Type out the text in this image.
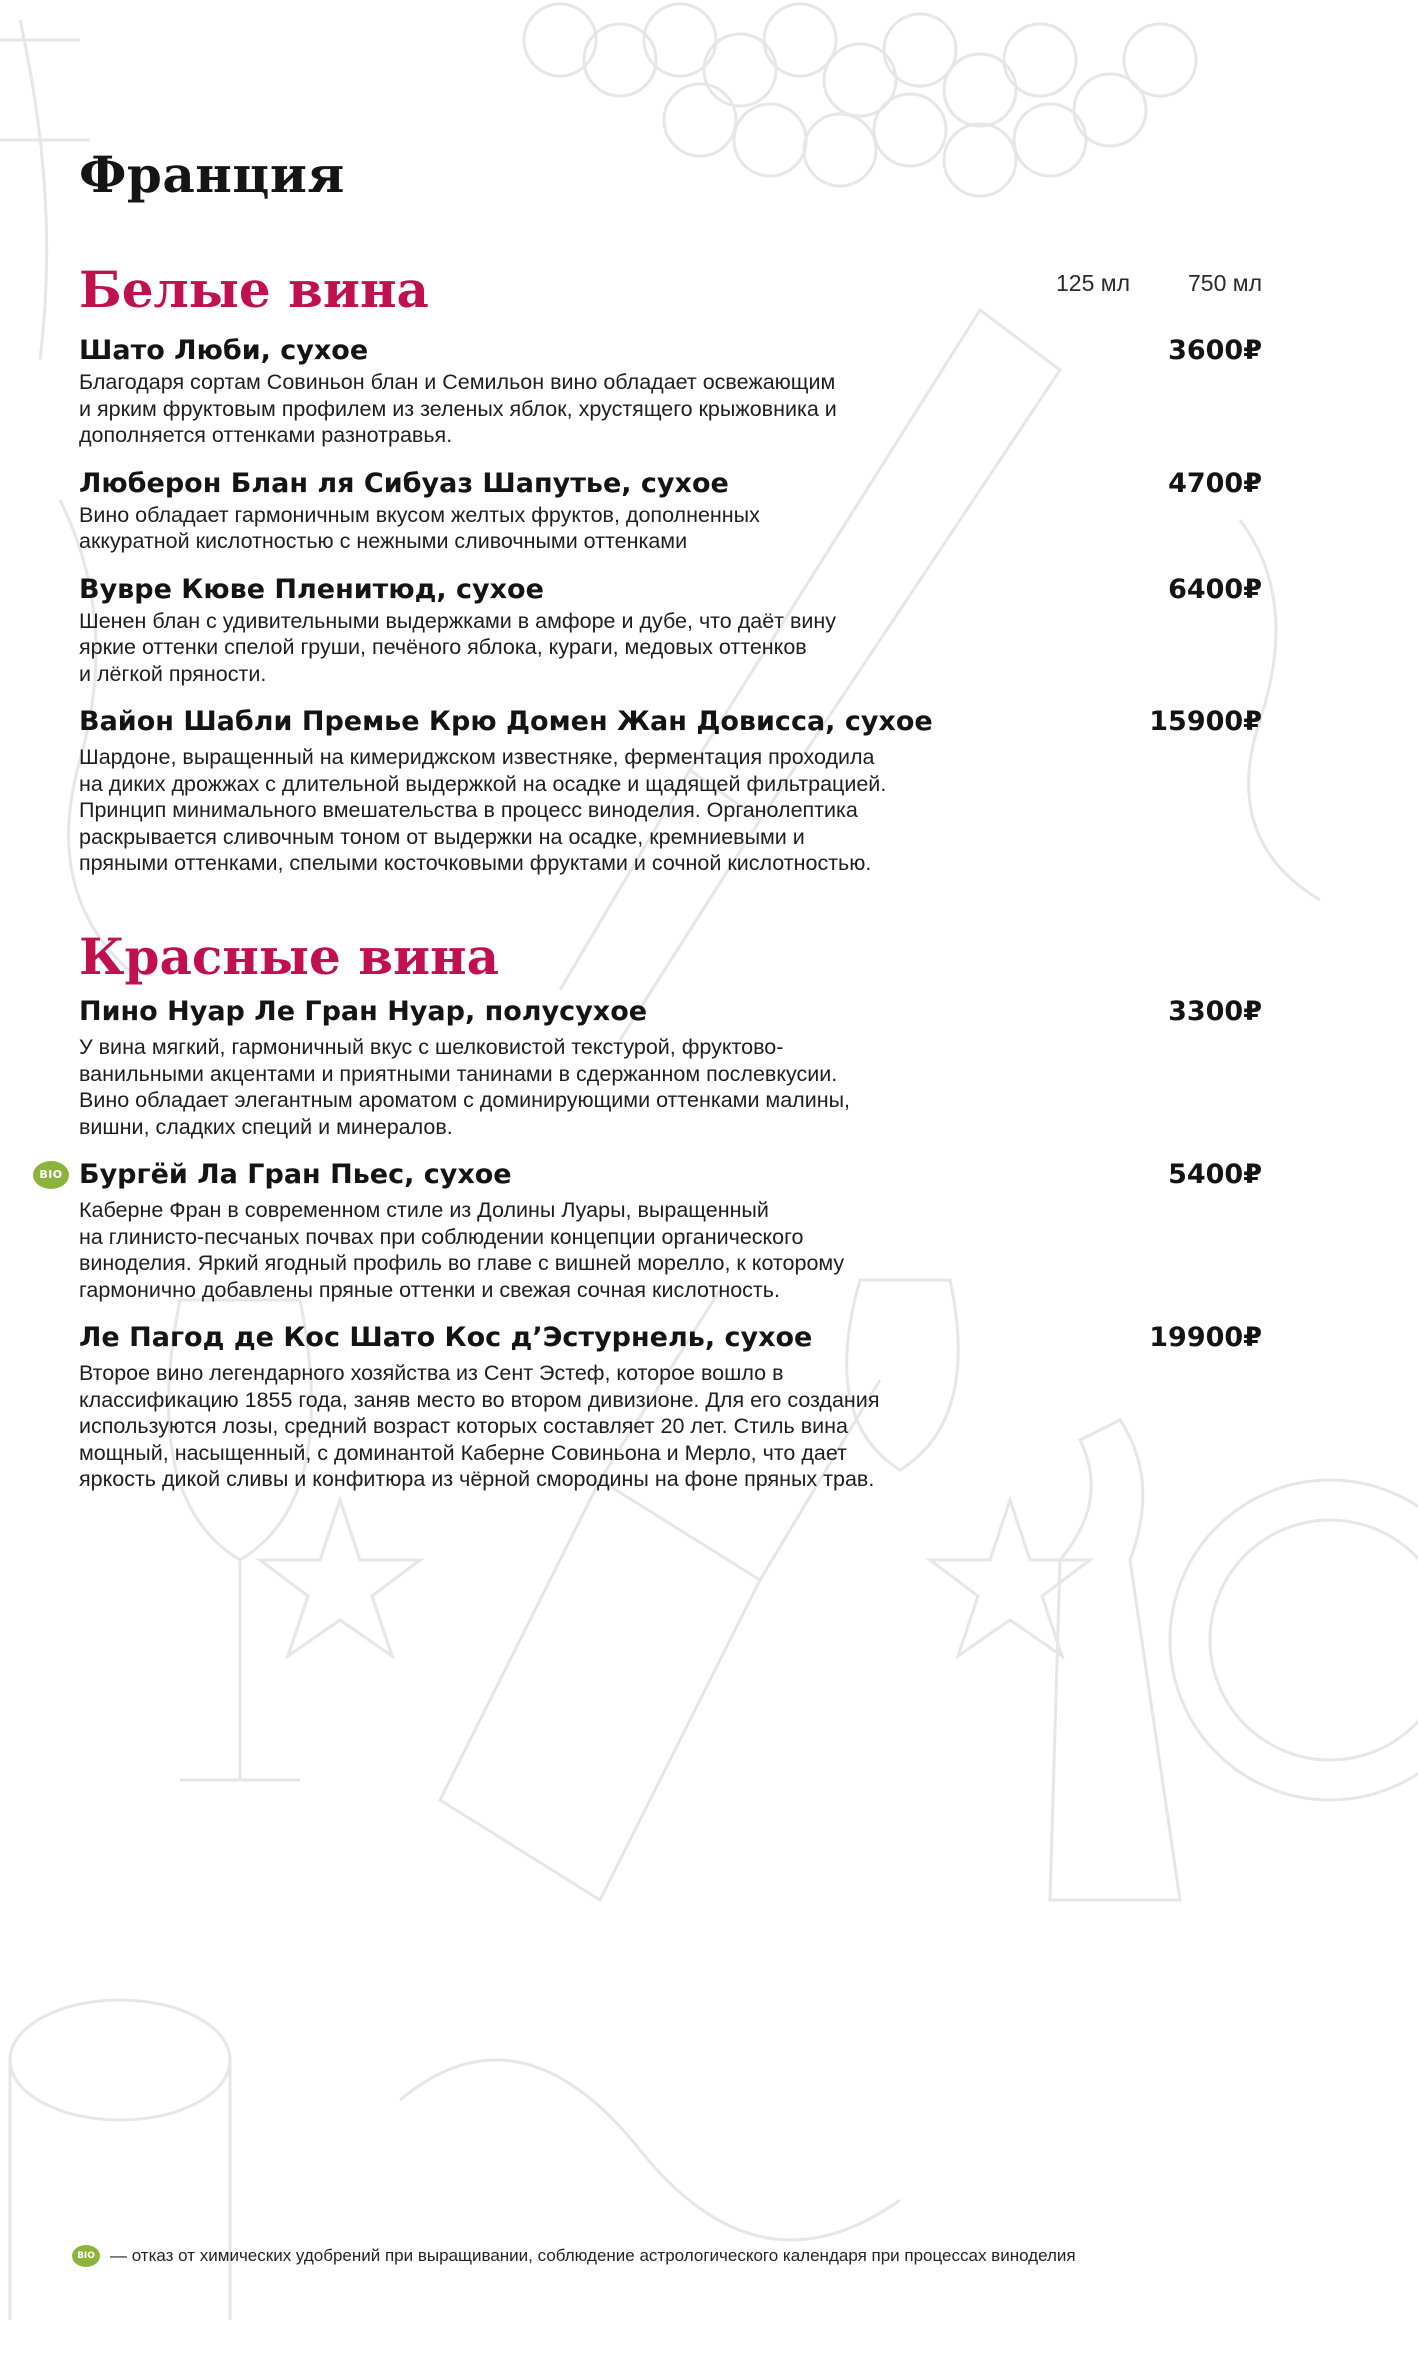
Франция
125 мл	750 мл
Белые вина
Шато Люби, сухое	3600₽
Благодаря сортам Совиньон блан и Семильон вино обладает освежающим
и ярким фруктовым профилем из зеленых яблок, хрустящего крыжовника и
дополняется оттенками разнотравья.
Люберон Блан ля Сибуаз Шапутье, сухое	4700₽
Вино обладает гармоничным вкусом желтых фруктов, дополненных
аккуратной кислотностью с нежными сливочными оттенками
Вувре Кюве Пленитюд, сухое	6400₽
Шенен блан с удивительными выдержками в амфоре и дубе, что даёт вину
яркие оттенки спелой груши, печёного яблока, кураги, медовых оттенков
и лёгкой пряности.
Вайон Шабли Премье Крю Домен Жан Довисса, сухое	15900₽
Шардоне, выращенный на кимериджском известняке, ферментация проходила
на диких дрожжах с длительной выдержкой на осадке и щадящей фильтрацией.
Принцип минимального вмешательства в процесс виноделия. Органолептика
раскрывается сливочным тоном от выдержки на осадке, кремниевыми и
пряными оттенками, спелыми косточковыми фруктами и сочной кислотностью.
Красные вина
Пино Нуар Ле Гран Нуар, полусухое	3300₽
У вина мягкий, гармоничный вкус с шелковистой текстурой, фруктово-
ванильными акцентами и приятными танинами в сдержанном послевкусии.
Вино обладает элегантным ароматом с доминирующими оттенками малины,
вишни, сладких специй и минералов.
BIO Бургёй Ла Гран Пьес, сухое	5400₽
Каберне Фран в современном стиле из Долины Луары, выращенный
на глинисто-песчаных почвах при соблюдении концепции органического
виноделия. Яркий ягодный профиль во главе с вишней морелло, к которому
гармонично добавлены пряные оттенки и свежая сочная кислотность.
Ле Пагод де Кос Шато Кос д’Эстурнель, сухое	19900₽
Второе вино легендарного хозяйства из Сент Эстеф, которое вошло в
классификацию 1855 года, заняв место во втором дивизионе. Для его создания
используются лозы, средний возраст которых составляет 20 лет. Стиль вина
мощный, насыщенный, с доминантой Каберне Совиньона и Мерло, что дает
яркость дикой сливы и конфитюра из чёрной смородины на фоне пряных трав.
BIO — отказ от химических удобрений при выращивании, соблюдение астрологического календаря при процессах виноделия
